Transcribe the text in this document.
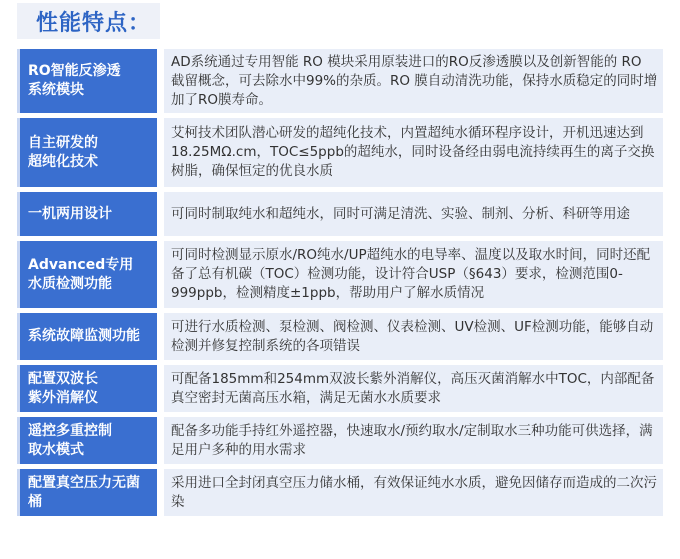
性能特点：
RO智能反渗透
系统模块
AD系统通过专用智能 RO 模块采用原装进口的RO反渗透膜以及创新智能的 RO 截留概念，可去除水中99%的杂质。RO 膜自动清洗功能，保持水质稳定的同时增加了RO膜寿命。
自主研发的
超纯化技术
艾柯技术团队潜心研发的超纯化技术，内置超纯水循环程序设计，开机迅速达到18.25MΩ.cm，TOC≤5ppb的超纯水，同时设备经由弱电流持续再生的离子交换树脂，确保恒定的优良水质
一机两用设计	可同时制取纯水和超纯水，同时可满足清洗、实验、制剂、分析、科研等用途
Advanced专用
水质检测功能
可同时检测显示原水/RO纯水/UP超纯水的电导率、温度以及取水时间，同时还配备了总有机碳（TOC）检测功能，设计符合USP（§643）要求，检测范围0-999ppb，检测精度±1ppb，帮助用户了解水质情况
系统故障监测功能
可进行水质检测、泵检测、阀检测、仪表检测、UV检测、UF检测功能，能够自动检测并修复控制系统的各项错误
配置双波长
紫外消解仪
可配备185mm和254mm双波长紫外消解仪，高压灭菌消解水中TOC，内部配备真空密封无菌高压水箱，满足无菌水水质要求
遥控多重控制
取水模式
配备多功能手持红外遥控器，快速取水/预约取水/定制取水三种功能可供选择，满足用户多种的用水需求
配置真空压力无菌桶
采用进口全封闭真空压力储水桶，有效保证纯水水质，避免因储存而造成的二次污染
